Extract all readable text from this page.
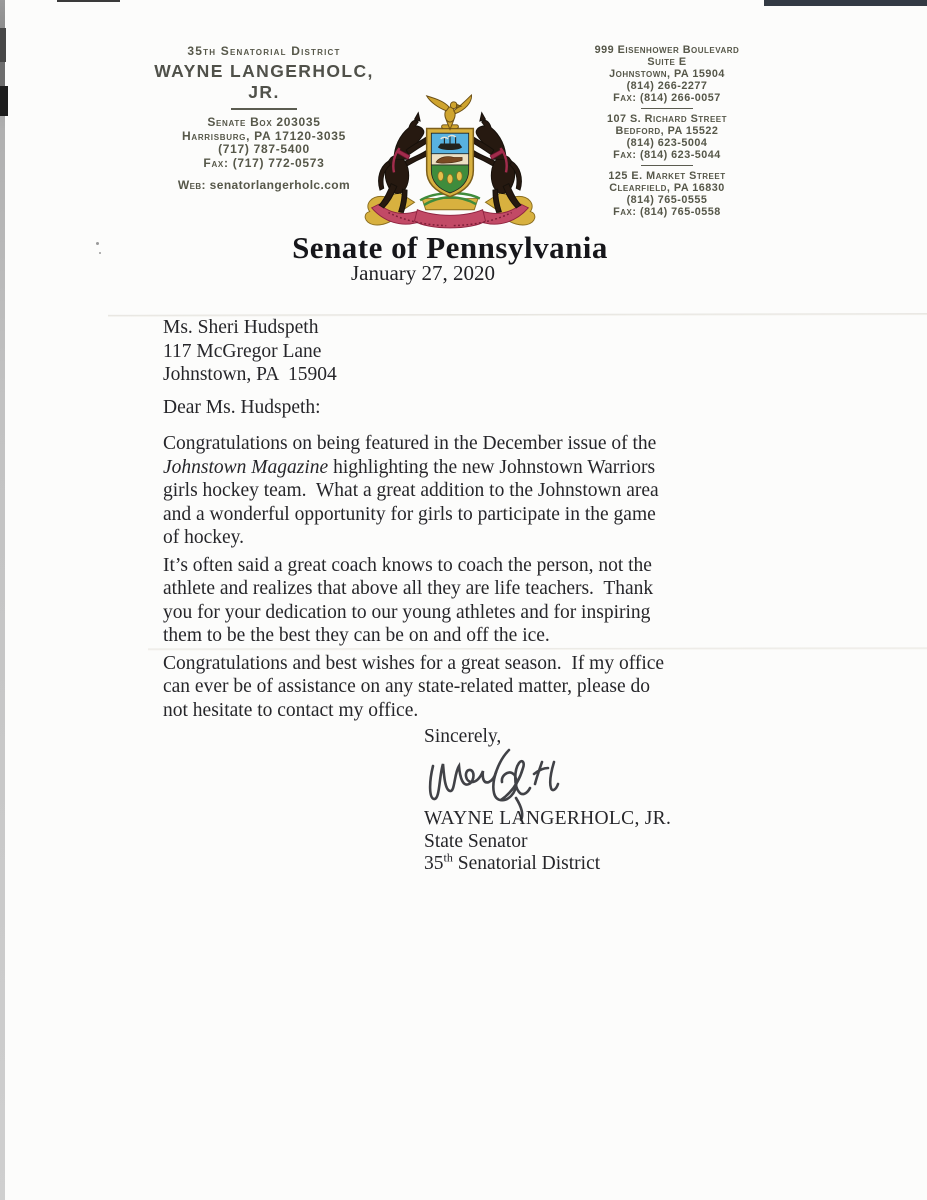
35th Senatorial District
WAYNE LANGERHOLC, JR.
Senate Box 203035
Harrisburg, PA 17120-3035
(717) 787-5400
Fax: (717) 772-0573
Web: senatorlangerholc.com
999 Eisenhower Boulevard
Suite E
Johnstown, PA 15904
(814) 266-2277
Fax: (814) 266-0057
107 S. Richard Street
Bedford, PA 15522
(814) 623-5004
Fax: (814) 623-5044
125 E. Market Street
Clearfield, PA 16830
(814) 765-0555
Fax: (814) 765-0558
Senate of Pennsylvania
January 27, 2020
Ms. Sheri Hudspeth
117 McGregor Lane
Johnstown, PA  15904
Dear Ms. Hudspeth:
Congratulations on being featured in the December issue of the
Johnstown Magazine highlighting the new Johnstown Warriors
girls hockey team.  What a great addition to the Johnstown area
and a wonderful opportunity for girls to participate in the game
of hockey.
It’s often said a great coach knows to coach the person, not the
athlete and realizes that above all they are life teachers.  Thank
you for your dedication to our young athletes and for inspiring
them to be the best they can be on and off the ice.
Congratulations and best wishes for a great season.  If my office
can ever be of assistance on any state-related matter, please do
not hesitate to contact my office.
Sincerely,
WAYNE LANGERHOLC, JR.
State Senator
35th Senatorial District
